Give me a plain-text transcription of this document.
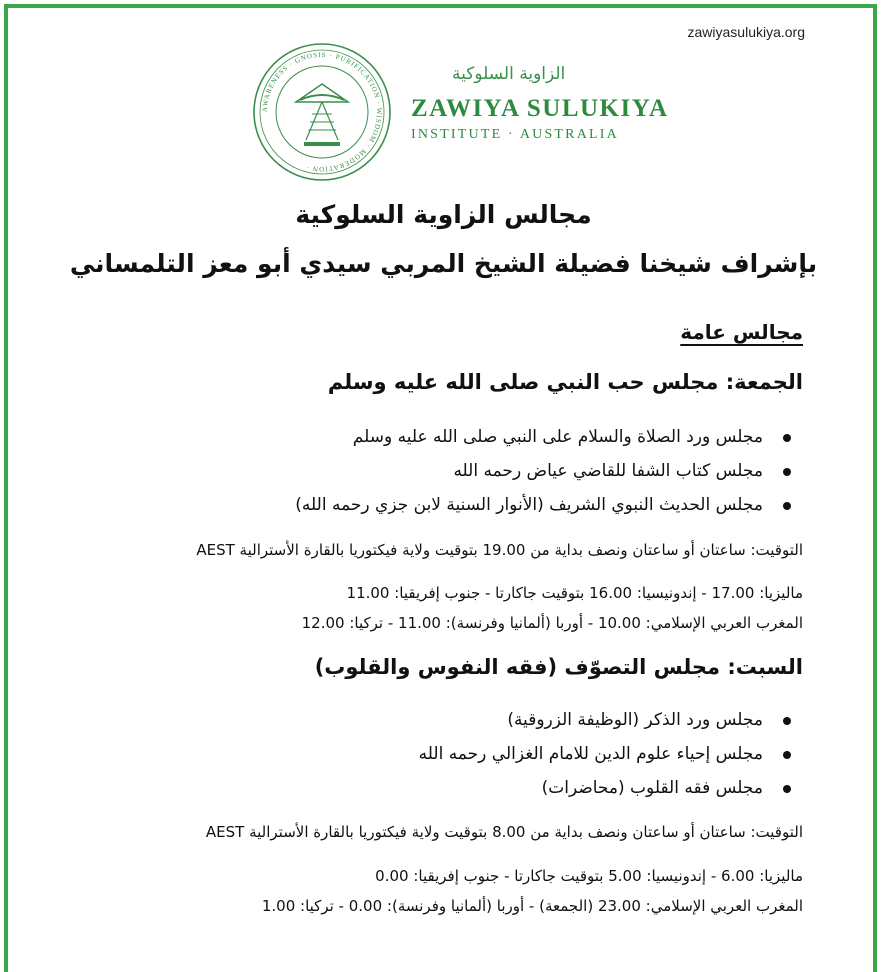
zawiyasulukiya.org
AWARENESS · GNOSIS · PURIFICATION · WISDOM · MODERATION ·
الزاوية السلوكية
ZAWIYA SULUKIYA
INSTITUTE · AUSTRALIA
مجالس الزاوية السلوكية
بإشراف شيخنا فضيلة الشيخ المربي سيدي أبو معز التلمساني
مجالس عامة
الجمعة: مجلس حب النبي صلى الله عليه وسلم
مجلس ورد الصلاة والسلام على النبي صلى الله عليه وسلم
مجلس كتاب الشفا للقاضي عياض رحمه الله
مجلس الحديث النبوي الشريف (الأنوار السنية لابن جزي رحمه الله)
التوقيت: ساعتان أو ساعتان ونصف بداية من 19.00 بتوقيت ولاية فيكتوريا بالقارة الأسترالية AEST
ماليزيا: 17.00 - إندونيسيا: 16.00 بتوقيت جاكارتا - جنوب إفريقيا: 11.00
المغرب العربي الإسلامي: 10.00 - أوربا (ألمانيا وفرنسة): 11.00 - تركيا: 12.00
السبت: مجلس التصوّف (فقه النفوس والقلوب)
مجلس ورد الذكر (الوظيفة الزروقية)
مجلس إحياء علوم الدين للامام الغزالي رحمه الله
مجلس فقه القلوب (محاضرات)
التوقيت: ساعتان أو ساعتان ونصف بداية من 8.00 بتوقيت ولاية فيكتوريا بالقارة الأسترالية AEST
ماليزيا: 6.00 - إندونيسيا: 5.00 بتوقيت جاكارتا - جنوب إفريقيا: 0.00
المغرب العربي الإسلامي: 23.00 (الجمعة) - أوربا (ألمانيا وفرنسة): 0.00 - تركيا: 1.00
